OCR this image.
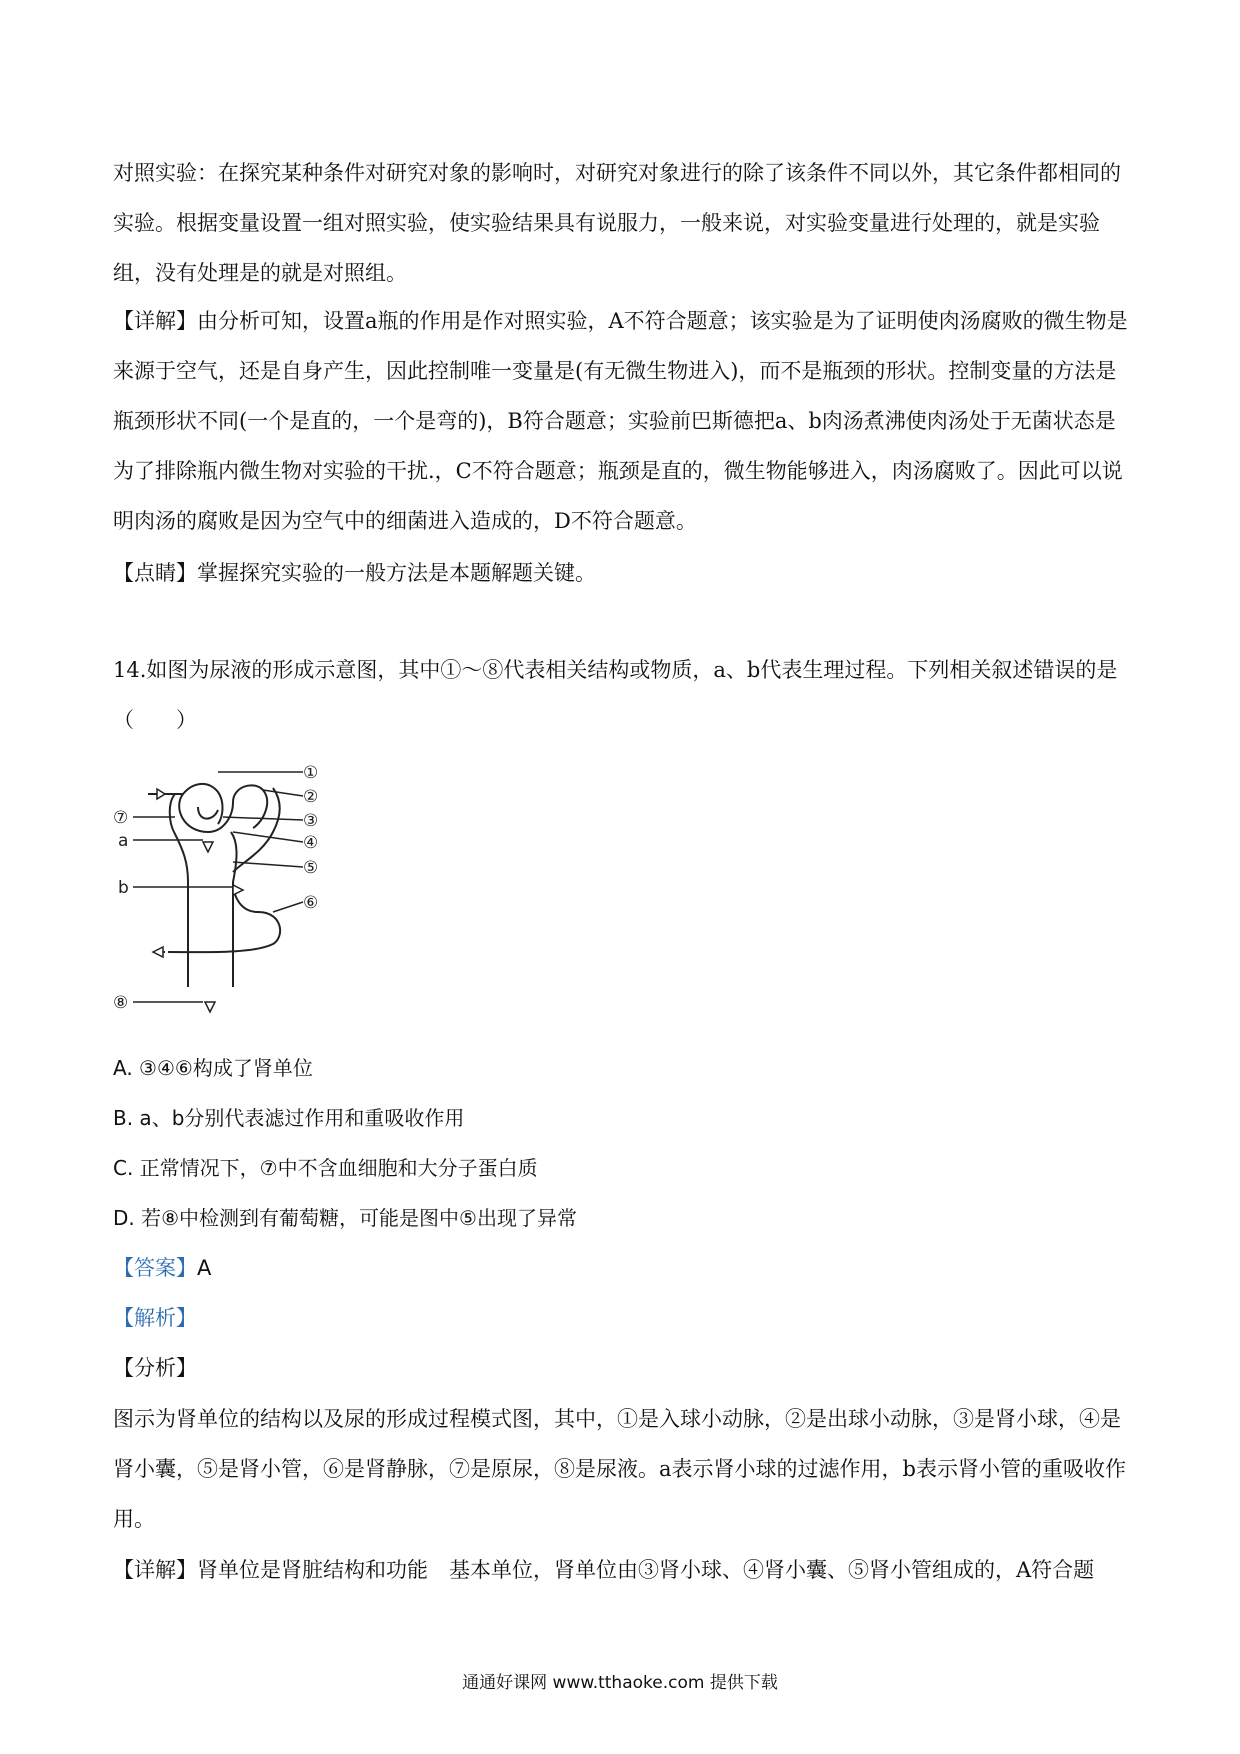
对照实验：在探究某种条件对研究对象的影响时，对研究对象进行的除了该条件不同以外，其它条件都相同的实验。根据变量设置一组对照实验，使实验结果具有说服力，一般来说，对实验变量进行处理的，就是实验组，没有处理是的就是对照组。

【详解】由分析可知，设置a瓶的作用是作对照实验，A不符合题意；该实验是为了证明使肉汤腐败的微生物是来源于空气，还是自身产生，因此控制唯一变量是(有无微生物进入)，而不是瓶颈的形状。控制变量的方法是瓶颈形状不同(一个是直的，一个是弯的)，B符合题意；实验前巴斯德把a、b肉汤煮沸使肉汤处于无菌状态是为了排除瓶内微生物对实验的干扰.，C不符合题意；瓶颈是直的，微生物能够进入，肉汤腐败了。因此可以说明肉汤的腐败是因为空气中的细菌进入造成的，D不符合题意。

【点睛】掌握探究实验的一般方法是本题解题关键。

14.如图为尿液的形成示意图，其中①～⑧代表相关结构或物质，a、b代表生理过程。下列相关叙述错误的是（　　）

①
②
③
④
⑤
⑥
⑦
a
b
⑧
A. ③④⑥构成了肾单位
B. a、b分别代表滤过作用和重吸收作用
C. 正常情况下，⑦中不含血细胞和大分子蛋白质
D. 若⑧中检测到有葡萄糖，可能是图中⑤出现了异常
【答案】A
【解析】
【分析】

图示为肾单位的结构以及尿的形成过程模式图，其中，①是入球小动脉，②是出球小动脉，③是肾小球，④是肾小囊，⑤是肾小管，⑥是肾静脉，⑦是原尿，⑧是尿液。a表示肾小球的过滤作用，b表示肾小管的重吸收作用。

【详解】肾单位是肾脏结构和功能　基本单位，肾单位由③肾小球、④肾小囊、⑤肾小管组成的，A符合题

通通好课网 www.tthaoke.com 提供下载
